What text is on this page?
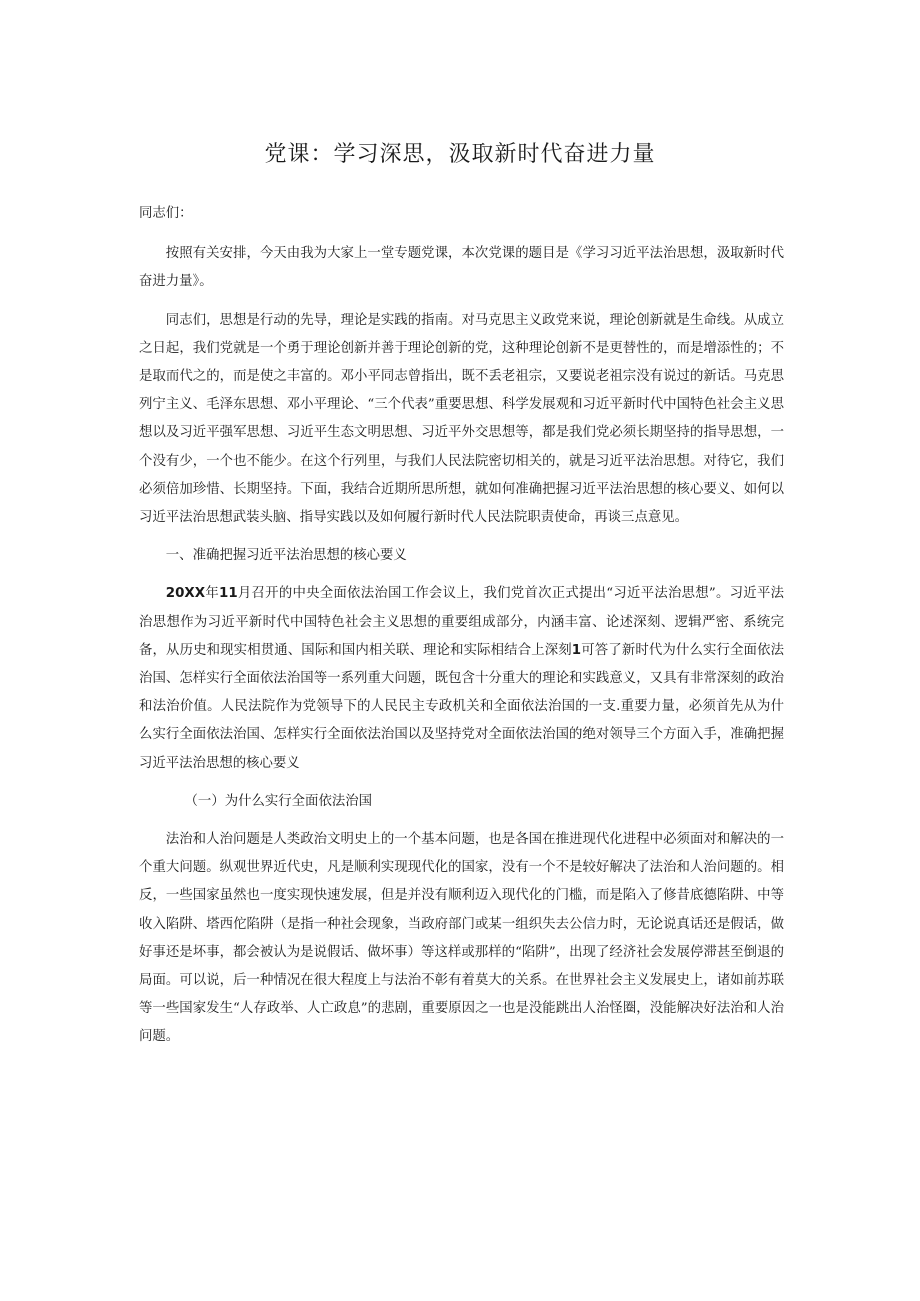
党课：学习深思，汲取新时代奋进力量

同志们：

按照有关安排，今天由我为大家上一堂专题党课，本次党课的题目是《学习习近平法治思想，汲取新时代奋进力量》。

同志们，思想是行动的先导，理论是实践的指南。对马克思主义政党来说，理论创新就是生命线。从成立之日起，我们党就是一个勇于理论创新并善于理论创新的党，这种理论创新不是更替性的，而是增添性的；不是取而代之的，而是使之丰富的。邓小平同志曾指出，既不丢老祖宗，又要说老祖宗没有说过的新话。马克思列宁主义、毛泽东思想、邓小平理论、“三个代表”重要思想、科学发展观和习近平新时代中国特色社会主义思想以及习近平强军思想、习近平生态文明思想、习近平外交思想等，都是我们党必须长期坚持的指导思想，一个没有少，一个也不能少。在这个行列里，与我们人民法院密切相关的，就是习近平法治思想。对待它，我们必须倍加珍惜、长期坚持。下面，我结合近期所思所想，就如何准确把握习近平法治思想的核心要义、如何以习近平法治思想武装头脑、指导实践以及如何履行新时代人民法院职责使命，再谈三点意见。

一、准确把握习近平法治思想的核心要义

20XX年11月召开的中央全面依法治国工作会议上，我们党首次正式提出“习近平法治思想”。习近平法治思想作为习近平新时代中国特色社会主义思想的重要组成部分，内涵丰富、论述深刻、逻辑严密、系统完备，从历史和现实相贯通、国际和国内相关联、理论和实际相结合上深刻1可答了新时代为什么实行全面依法治国、怎样实行全面依法治国等一系列重大问题，既包含十分重大的理论和实践意义，又具有非常深刻的政治和法治价值。人民法院作为党领导下的人民民主专政机关和全面依法治国的一支.重要力量，必须首先从为什么实行全面依法治国、怎样实行全面依法治国以及坚持党对全面依法治国的绝对领导三个方面入手，准确把握习近平法治思想的核心要义

（一）为什么实行全面依法治国

法治和人治问题是人类政治文明史上的一个基本问题，也是各国在推进现代化进程中必须面对和解决的一个重大问题。纵观世界近代史，凡是顺利实现现代化的国家，没有一个不是较好解决了法治和人治问题的。相反，一些国家虽然也一度实现快速发展，但是并没有顺利迈入现代化的门槛，而是陷入了修昔底德陷阱、中等收入陷阱、塔西佗陷阱（是指一种社会现象，当政府部门或某一组织失去公信力时，无论说真话还是假话，做好事还是坏事，都会被认为是说假话、做坏事）等这样或那样的“陷阱”，出现了经济社会发展停滞甚至倒退的局面。可以说，后一种情况在很大程度上与法治不彰有着莫大的关系。在世界社会主义发展史上，诸如前苏联等一些国家发生“人存政举、人亡政息”的悲剧，重要原因之一也是没能跳出人治怪圈，没能解决好法治和人治问题。
